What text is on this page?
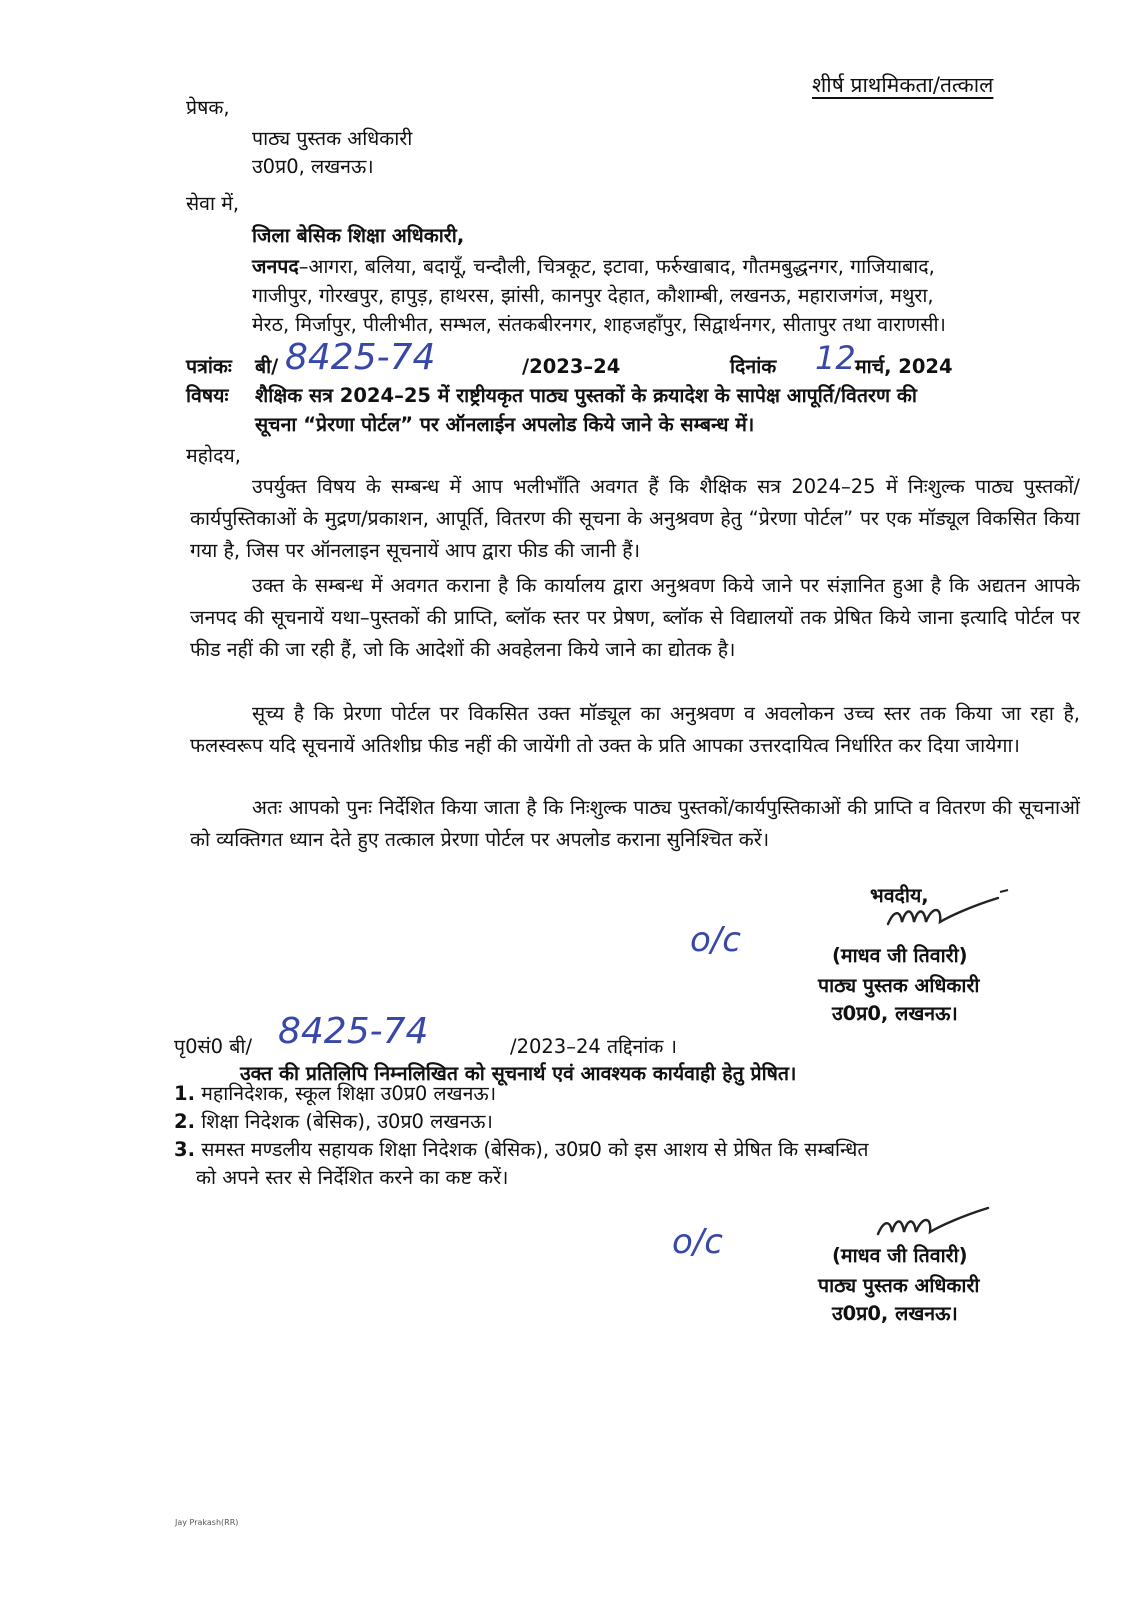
शीर्ष प्राथमिकता/तत्काल
प्रेषक,
पाठ्य पुस्तक अधिकारी
उ0प्र0, लखनऊ।
सेवा में,
जिला बेसिक शिक्षा अधिकारी,
जनपद–आगरा, बलिया, बदायूँ, चन्दौली, चित्रकूट, इटावा, फर्रुखाबाद, गौतमबुद्धनगर, गाजियाबाद,
गाजीपुर, गोरखपुर, हापुड़, हाथरस, झांसी, कानपुर देहात, कौशाम्बी, लखनऊ, महाराजगंज, मथुरा,
मेरठ, मिर्जापुर, पीलीभीत, सम्भल, संतकबीरनगर, शाहजहाँपुर, सिद्वार्थनगर, सीतापुर तथा वाराणसी।
पत्रांकः बी/ 8425-74	/2023–24	दिनांक 12 मार्च, 2024
विषयः शैक्षिक सत्र 2024–25 में राष्ट्रीयकृत पाठ्य पुस्तकों के क्रयादेश के सापेक्ष आपूर्ति/वितरण की
सूचना “प्रेरणा पोर्टल” पर ऑनलाईन अपलोड किये जाने के सम्बन्ध में।
महोदय,
उपर्युक्त विषय के सम्बन्ध में आप भलीभाँति अवगत हैं कि शैक्षिक सत्र 2024–25 में निःशुल्क पाठ्य पुस्तकों/कार्यपुस्तिकाओं के मुद्रण/प्रकाशन, आपूर्ति, वितरण की सूचना के अनुश्रवण हेतु “प्रेरणा पोर्टल” पर एक मॉड्यूल विकसित किया गया है, जिस पर ऑनलाइन सूचनायें आप द्वारा फीड की जानी हैं।
उक्त के सम्बन्ध में अवगत कराना है कि कार्यालय द्वारा अनुश्रवण किये जाने पर संज्ञानित हुआ है कि अद्यतन आपके जनपद की सूचनायें यथा–पुस्तकों की प्राप्ति, ब्लॉक स्तर पर प्रेषण, ब्लॉक से विद्यालयों तक प्रेषित किये जाना इत्यादि पोर्टल पर फीड नहीं की जा रही हैं, जो कि आदेशों की अवहेलना किये जाने का द्योतक है।
सूच्य है कि प्रेरणा पोर्टल पर विकसित उक्त मॉड्यूल का अनुश्रवण व अवलोकन उच्च स्तर तक किया जा रहा है, फलस्वरूप यदि सूचनायें अतिशीघ्र फीड नहीं की जायेंगी तो उक्त के प्रति आपका उत्तरदायित्व निर्धारित कर दिया जायेगा।
अतः आपको पुनः निर्देशित किया जाता है कि निःशुल्क पाठ्य पुस्तकों/कार्यपुस्तिकाओं की प्राप्ति व वितरण की सूचनाओं को व्यक्तिगत ध्यान देते हुए तत्काल प्रेरणा पोर्टल पर अपलोड कराना सुनिश्चित करें।
भवदीय,
o/c	(माधव जी तिवारी)
पाठ्य पुस्तक अधिकारी
उ0प्र0, लखनऊ।
पृ0सं0 बी/ 8425-74	/2023–24 तद्दिनांक ।
उक्त की प्रतिलिपि निम्नलिखित को सूचनार्थ एवं आवश्यक कार्यवाही हेतु प्रेषित।
1. महानिदेशक, स्कूल शिक्षा उ0प्र0 लखनऊ।
2. शिक्षा निदेशक (बेसिक), उ0प्र0 लखनऊ।
3. समस्त मण्डलीय सहायक शिक्षा निदेशक (बेसिक), उ0प्र0 को इस आशय से प्रेषित कि सम्बन्धित
को अपने स्तर से निर्देशित करने का कष्ट करें।
o/c	(माधव जी तिवारी)
पाठ्य पुस्तक अधिकारी
उ0प्र0, लखनऊ।
Jay Prakash(RR)
